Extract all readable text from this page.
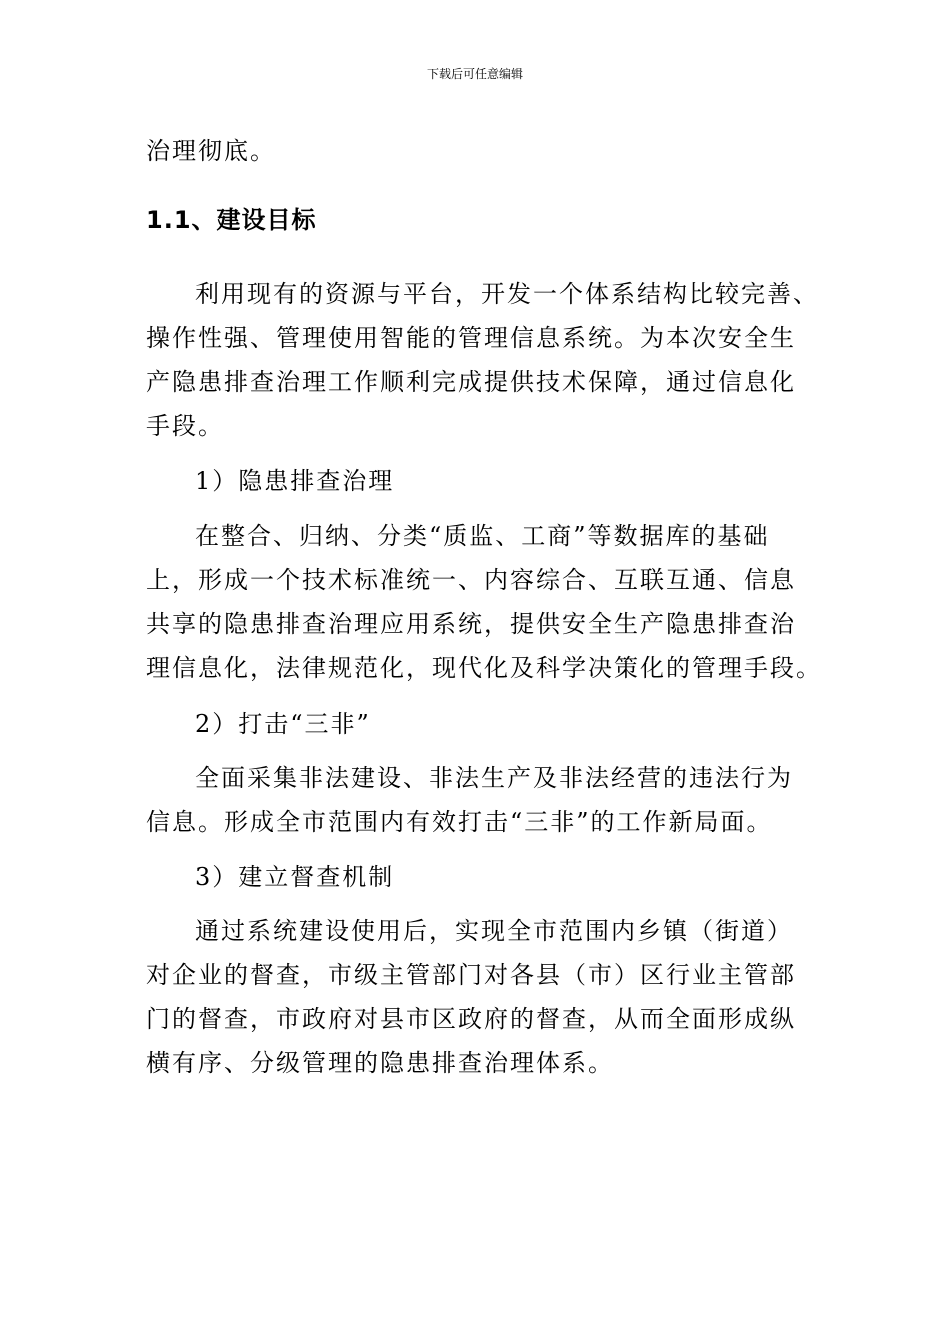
下载后可任意编辑
治理彻底。
1.1、建设目标
利用现有的资源与平台，开发一个体系结构比较完善、
操作性强、管理使用智能的管理信息系统。为本次安全生
产隐患排查治理工作顺利完成提供技术保障，通过信息化
手段。
1）隐患排查治理
在整合、归纳、分类“质监、工商”等数据库的基础
上，形成一个技术标准统一、内容综合、互联互通、信息
共享的隐患排查治理应用系统，提供安全生产隐患排查治
理信息化，法律规范化，现代化及科学决策化的管理手段。
2）打击“三非”
全面采集非法建设、非法生产及非法经营的违法行为
信息。形成全市范围内有效打击“三非”的工作新局面。
3）建立督查机制
通过系统建设使用后，实现全市范围内乡镇（街道）
对企业的督查，市级主管部门对各县（市）区行业主管部
门的督查，市政府对县市区政府的督查，从而全面形成纵
横有序、分级管理的隐患排查治理体系。
